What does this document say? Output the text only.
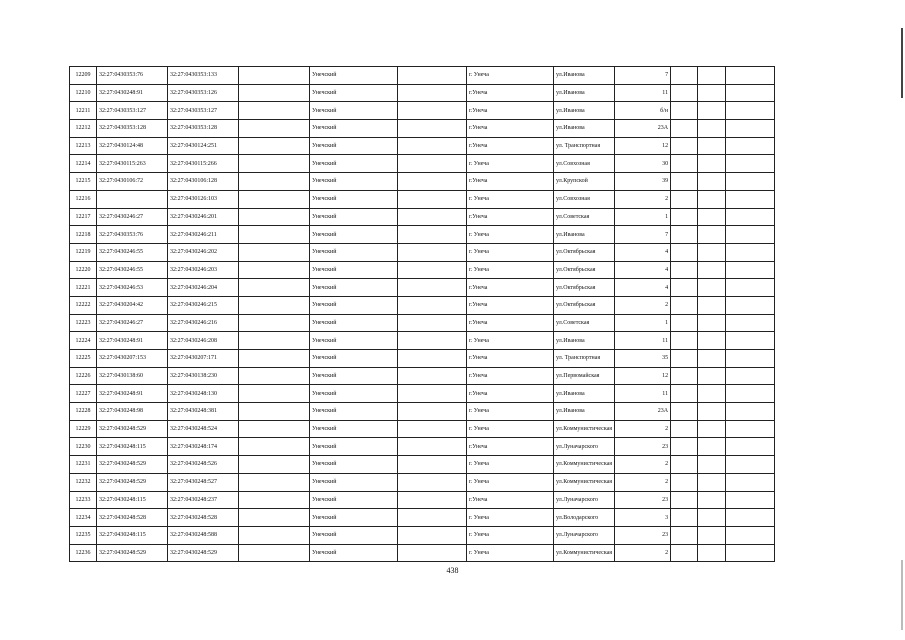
12209	32:27:0430353:76	32:27:0430353:133		Унечский		г. Унеча	ул.Иванова	7			
12210	32:27:0430248:91	32:27:0430353:126		Унечский		г.Унеча	ул.Иванова	11			
12211	32:27:0430353:127	32:27:0430353:127		Унечский		г.Унеча	ул.Иванова	б/н			
12212	32:27:0430353:128	32:27:0430353:128		Унечский		г.Унеча	ул.Иванова	23А			
12213	32:27:0430124:48	32:27:0430124:251		Унечский		г.Унеча	ул. Транспортная	12			
12214	32:27:0430115:263	32:27:0430115:266		Унечский		г. Унеча	ул.Совхозная	30			
12215	32:27:0430106:72	32:27:0430106:128		Унечский		г.Унеча	ул.Крупской	39			
12216		32:27:0430126:103		Унечский		г. Унеча	ул.Совхозная	2			
12217	32:27:0430246:27	32:27:0430246:201		Унечский		г.Унеча	ул.Советская	1			
12218	32:27:0430353:76	32:27:0430246:211		Унечский		г. Унеча	ул.Иванова	7			
12219	32:27:0430246:55	32:27:0430246:202		Унечский		г. Унеча	ул.Октябрьская	4			
12220	32:27:0430246:55	32:27:0430246:203		Унечский		г. Унеча	ул.Октябрьская	4			
12221	32:27:0430246:53	32:27:0430246:204		Унечский		г.Унеча	ул.Октябрьская	4			
12222	32:27:0430204:42	32:27:0430246:215		Унечский		г.Унеча	ул.Октябрьская	2			
12223	32:27:0430246:27	32:27:0430246:216		Унечский		г.Унеча	ул.Советская	1			
12224	32:27:0430248:91	32:27:0430246:208		Унечский		г. Унеча	ул.Иванова	11			
12225	32:27:0430207:153	32:27:0430207:171		Унечский		г.Унеча	ул. Транспортная	35			
12226	32:27:0430138:60	32:27:0430138:230		Унечский		г.Унеча	ул.Первомайская	12			
12227	32:27:0430248:91	32:27:0430248:130		Унечский		г.Унеча	ул.Иванова	11			
12228	32:27:0430248:98	32:27:0430248:381		Унечский		г. Унеча	ул.Иванова	23А			
12229	32:27:0430248:529	32:27:0430248:524		Унечский		г. Унеча	ул.Коммунистическая	2			
12230	32:27:0430248:115	32:27:0430248:174		Унечский		г.Унеча	ул.Луначарского	23			
12231	32:27:0430248:529	32:27:0430248:526		Унечский		г. Унеча	ул.Коммунистическая	2			
12232	32:27:0430248:529	32:27:0430248:527		Унечский		г. Унеча	ул.Коммунистическая	2			
12233	32:27:0430248:115	32:27:0430248:237		Унечский		г.Унеча	ул.Луначарского	23			
12234	32:27:0430248:528	32:27:0430248:528		Унечский		г. Унеча	ул.Володарского	3			
12235	32:27:0430248:115	32:27:0430248:588		Унечский		г. Унеча	ул.Луначарского	23			
12236	32:27:0430248:529	32:27:0430248:529		Унечский		г. Унеча	ул.Коммунистическая	2			
438
